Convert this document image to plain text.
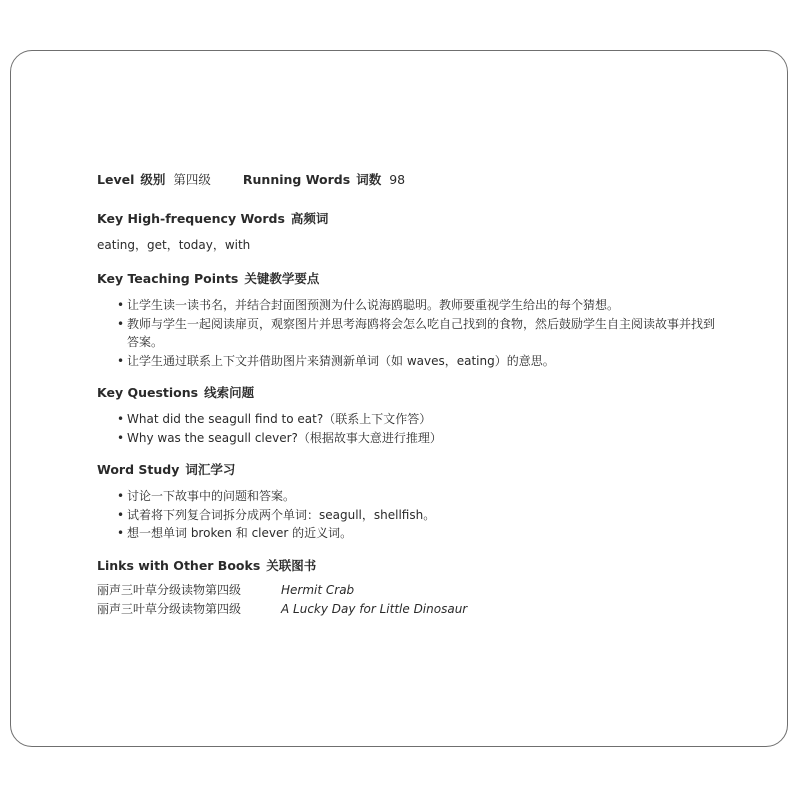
Level 级别 第四级	Running Words 词数 98
Key High-frequency Words 高频词
eating，get，today，with
Key Teaching Points 关键教学要点
• 让学生读一读书名，并结合封面图预测为什么说海鸥聪明。教师要重视学生给出的每个猜想。
• 教师与学生一起阅读扉页，观察图片并思考海鸥将会怎么吃自己找到的食物，然后鼓励学生自主阅读故事并找到答案。
• 让学生通过联系上下文并借助图片来猜测新单词（如 waves，eating）的意思。
Key Questions 线索问题
• What did the seagull find to eat?（联系上下文作答）
• Why was the seagull clever?（根据故事大意进行推理）
Word Study 词汇学习
• 讨论一下故事中的问题和答案。
• 试着将下列复合词拆分成两个单词：seagull，shellfish。
• 想一想单词 broken 和 clever 的近义词。
Links with Other Books 关联图书
丽声三叶草分级读物第四级	Hermit Crab
丽声三叶草分级读物第四级	A Lucky Day for Little Dinosaur
